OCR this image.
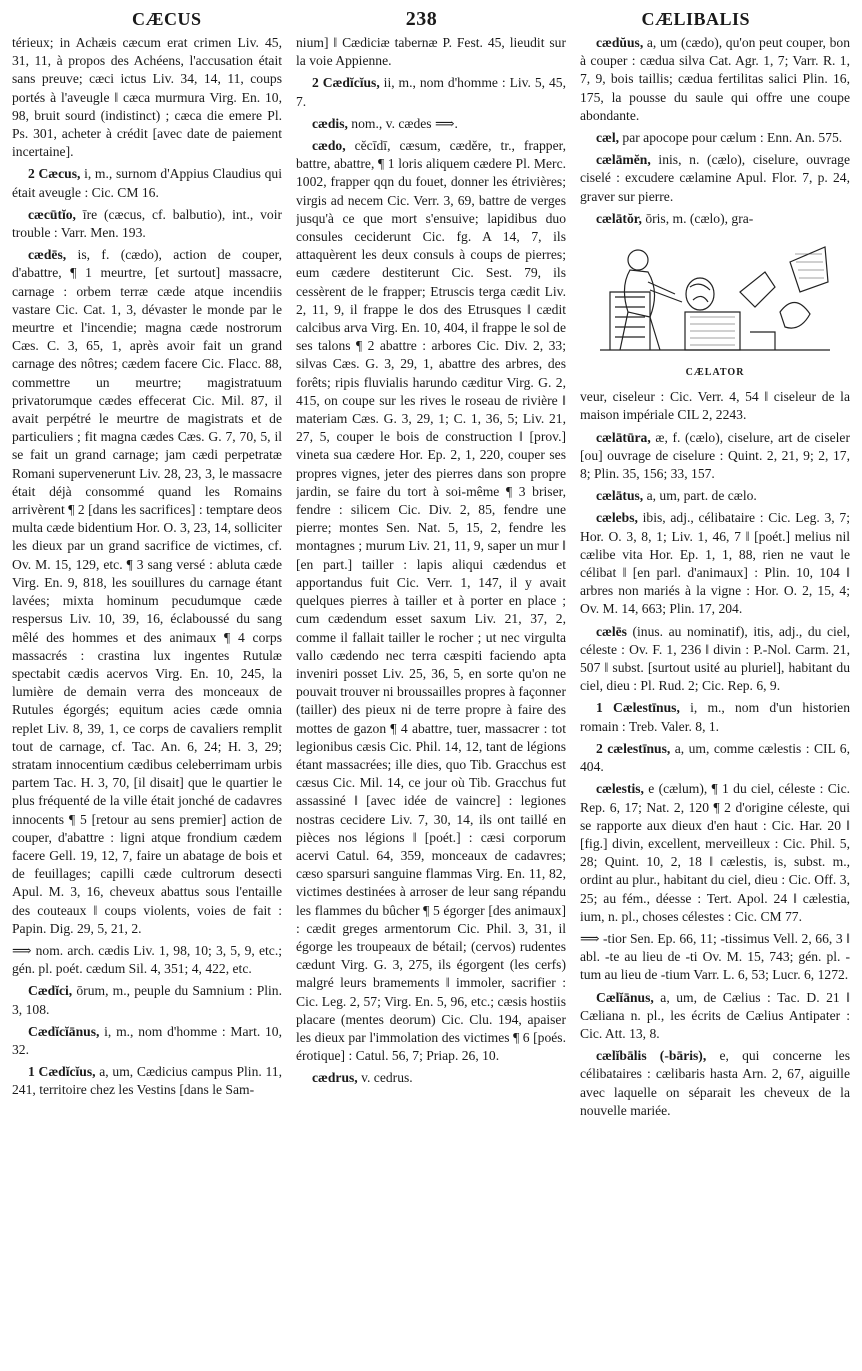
CÆCUS	238	CÆLIBALIS

térieux; in Achæis cæcum erat crimen Liv. 45, 31, 11, à propos des Achéens, l'accusation était sans preuve; cæci ictus Liv. 34, 14, 11, coups portés à l'aveugle ‖ cæca murmura Virg. En. 10, 98, bruit sourd (indistinct) ; cæca die emere Pl. Ps. 301, acheter à crédit [avec date de paiement incertaine].

2 Cæcus, i, m., surnom d'Appius Claudius qui était aveugle : Cic. CM 16.

cæcūtĭo, īre (cæcus, cf. balbutio), int., voir trouble : Varr. Men. 193.

cædēs, is, f. (cædo), action de couper, d'abattre, ¶ 1 meurtre, [et surtout] massacre, carnage : orbem terræ cæde atque incendiis vastare Cic. Cat. 1, 3, dévaster le monde par le meurtre et l'incendie; magna cæde nostrorum Cæs. C. 3, 65, 1, après avoir fait un grand carnage des nôtres; cædem facere Cic. Flacc. 88, commettre un meurtre; magistratuum privatorumque cædes effecerat Cic. Mil. 87, il avait perpétré le meurtre de magistrats et de particuliers ; fit magna cædes Cæs. G. 7, 70, 5, il se fait un grand carnage; jam cædi perpetratæ Romani supervenerunt Liv. 28, 23, 3, le massacre était déjà consommé quand les Romains arrivèrent ¶ 2 [dans les sacrifices] : temptare deos multa cæde bidentium Hor. O. 3, 23, 14, solliciter les dieux par un grand sacrifice de victimes, cf. Ov. M. 15, 129, etc. ¶ 3 sang versé : abluta cæde Virg. En. 9, 818, les souillures du carnage étant lavées; mixta hominum pecudumque cæde respersus Liv. 10, 39, 16, éclaboussé du sang mêlé des hommes et des animaux ¶ 4 corps massacrés : crastina lux ingentes Rutulæ spectabit cædis acervos Virg. En. 10, 245, la lumière de demain verra des monceaux de Rutules égorgés; equitum acies cæde omnia replet Liv. 8, 39, 1, ce corps de cavaliers remplit tout de carnage, cf. Tac. An. 6, 24; H. 3, 29; stratam innocentium cædibus celeberrimam urbis partem Tac. H. 3, 70, [il disait] que le quartier le plus fréquenté de la ville était jonché de cadavres innocents ¶ 5 [retour au sens premier] action de couper, d'abattre : ligni atque frondium cædem facere Gell. 19, 12, 7, faire un abatage de bois et de feuillages; capilli cæde cultrorum desecti Apul. M. 3, 16, cheveux abattus sous l'entaille des couteaux ‖ coups violents, voies de fait : Papin. Dig. 29, 5, 21, 2.

⟹ nom. arch. cædis Liv. 1, 98, 10; 3, 5, 9, etc.; gén. pl. poét. cædum Sil. 4, 351; 4, 422, etc.

Cædĭci, ōrum, m., peuple du Samnium : Plin. 3, 108.

Cædĭcĭānus, i, m., nom d'homme : Mart. 10, 32.

1 Cædĭcĭus, a, um, Cædicius campus Plin. 11, 241, territoire chez les Vestins [dans le Sam-

nium] ‖ Cædiciæ tabernæ P. Fest. 45, lieudit sur la voie Appienne.

2 Cædĭcĭus, ii, m., nom d'homme : Liv. 5, 45, 7.

cædis, nom., v. cædes ⟹.

cædo, cĕcīdī, cæsum, cædĕre, tr., frapper, battre, abattre, ¶ 1 loris aliquem cædere Pl. Merc. 1002, frapper qqn du fouet, donner les étrivières; virgis ad necem Cic. Verr. 3, 69, battre de verges jusqu'à ce que mort s'ensuive; lapidibus duo consules ceciderunt Cic. fg. A 14, 7, ils attaquèrent les deux consuls à coups de pierres; eum cædere destiterunt Cic. Sest. 79, ils cessèrent de le frapper; Etruscis terga cædit Liv. 2, 11, 9, il frappe le dos des Etrusques ‖ cædit calcibus arva Virg. En. 10, 404, il frappe le sol de ses talons ¶ 2 abattre : arbores Cic. Div. 2, 33; silvas Cæs. G. 3, 29, 1, abattre des arbres, des forêts; ripis fluvialis harundo cæditur Virg. G. 2, 415, on coupe sur les rives le roseau de rivière ‖ materiam Cæs. G. 3, 29, 1; C. 1, 36, 5; Liv. 21, 27, 5, couper le bois de construction ‖ [prov.] vineta sua cædere Hor. Ep. 2, 1, 220, couper ses propres vignes, jeter des pierres dans son propre jardin, se faire du tort à soi-même ¶ 3 briser, fendre : silicem Cic. Div. 2, 85, fendre une pierre; montes Sen. Nat. 5, 15, 2, fendre les montagnes ; murum Liv. 21, 11, 9, saper un mur ‖ [en part.] tailler : lapis aliqui cædendus et apportandus fuit Cic. Verr. 1, 147, il y avait quelques pierres à tailler et à porter en place ; cum cædendum esset saxum Liv. 21, 37, 2, comme il fallait tailler le rocher ; ut nec virgulta vallo cædendo nec terra cæspiti faciendo apta inveniri posset Liv. 25, 36, 5, en sorte qu'on ne pouvait trouver ni broussailles propres à façonner (tailler) des pieux ni de terre propre à faire des mottes de gazon ¶ 4 abattre, tuer, massacrer : tot legionibus cæsis Cic. Phil. 14, 12, tant de légions étant massacrées; ille dies, quo Tib. Gracchus est cæsus Cic. Mil. 14, ce jour où Tib. Gracchus fut assassiné ‖ [avec idée de vaincre] : legiones nostras cecidere Liv. 7, 30, 14, ils ont taillé en pièces nos légions ‖ [poét.] : cæsi corporum acervi Catul. 64, 359, monceaux de cadavres; cæso sparsuri sanguine flammas Virg. En. 11, 82, victimes destinées à arroser de leur sang répandu les flammes du bûcher ¶ 5 égorger [des animaux] : cædit greges armentorum Cic. Phil. 3, 31, il égorge les troupeaux de bétail; (cervos) rudentes cædunt Virg. G. 3, 275, ils égorgent (les cerfs) malgré leurs bramements ‖ immoler, sacrifier : Cic. Leg. 2, 57; Virg. En. 5, 96, etc.; cæsis hostiis placare (mentes deorum) Cic. Clu. 194, apaiser les dieux par l'immolation des victimes ¶ 6 [poés. érotique] : Catul. 56, 7; Priap. 26, 10.

cædrus, v. cedrus.

cædŭus, a, um (cædo), qu'on peut couper, bon à couper : cædua silva Cat. Agr. 1, 7; Varr. R. 1, 7, 9, bois taillis; cædua fertilitas salici Plin. 16, 175, la pousse du saule qui offre une coupe abondante.

cæl, par apocope pour cælum : Enn. An. 575.

cælāmĕn, inis, n. (cælo), ciselure, ouvrage ciselé : excudere cælamine Apul. Flor. 7, p. 24, graver sur pierre.

cælātŏr, ōris, m. (cælo), gra-

CÆLATOR

veur, ciseleur : Cic. Verr. 4, 54 ‖ ciseleur de la maison impériale CIL 2, 2243.

cælātūra, æ, f. (cælo), ciselure, art de ciseler [ou] ouvrage de ciselure : Quint. 2, 21, 9; 2, 17, 8; Plin. 35, 156; 33, 157.

cælātus, a, um, part. de cælo.

cælebs, ibis, adj., célibataire : Cic. Leg. 3, 7; Hor. O. 3, 8, 1; Liv. 1, 46, 7 ‖ [poét.] melius nil cælibe vita Hor. Ep. 1, 1, 88, rien ne vaut le célibat ‖ [en parl. d'animaux] : Plin. 10, 104 ‖ arbres non mariés à la vigne : Hor. O. 2, 15, 4; Ov. M. 14, 663; Plin. 17, 204.

cælēs (inus. au nominatif), itis, adj., du ciel, céleste : Ov. F. 1, 236 ‖ divin : P.-Nol. Carm. 21, 507 ‖ subst. [surtout usité au pluriel], habitant du ciel, dieu : Pl. Rud. 2; Cic. Rep. 6, 9.

1 Cælestīnus, i, m., nom d'un historien romain : Treb. Valer. 8, 1.

2 cælestīnus, a, um, comme cælestis : CIL 6, 404.

cælestis, e (cælum), ¶ 1 du ciel, céleste : Cic. Rep. 6, 17; Nat. 2, 120 ¶ 2 d'origine céleste, qui se rapporte aux dieux d'en haut : Cic. Har. 20 ‖ [fig.] divin, excellent, merveilleux : Cic. Phil. 5, 28; Quint. 10, 2, 18 ‖ cælestis, is, subst. m., ordint au plur., habitant du ciel, dieu : Cic. Off. 3, 25; au fém., déesse : Tert. Apol. 24 ‖ cælestia, ium, n. pl., choses célestes : Cic. CM 77.

⟹ -tior Sen. Ep. 66, 11; -tissimus Vell. 2, 66, 3 ‖ abl. -te au lieu de -ti Ov. M. 15, 743; gén. pl. -tum au lieu de -tium Varr. L. 6, 53; Lucr. 6, 1272.

Cælĭānus, a, um, de Cælius : Tac. D. 21 ‖ Cæliana n. pl., les écrits de Cælius Antipater : Cic. Att. 13, 8.

cælĭbālis (-bāris), e, qui concerne les célibataires : cælibaris hasta Arn. 2, 67, aiguille avec laquelle on séparait les cheveux de la nouvelle mariée.
